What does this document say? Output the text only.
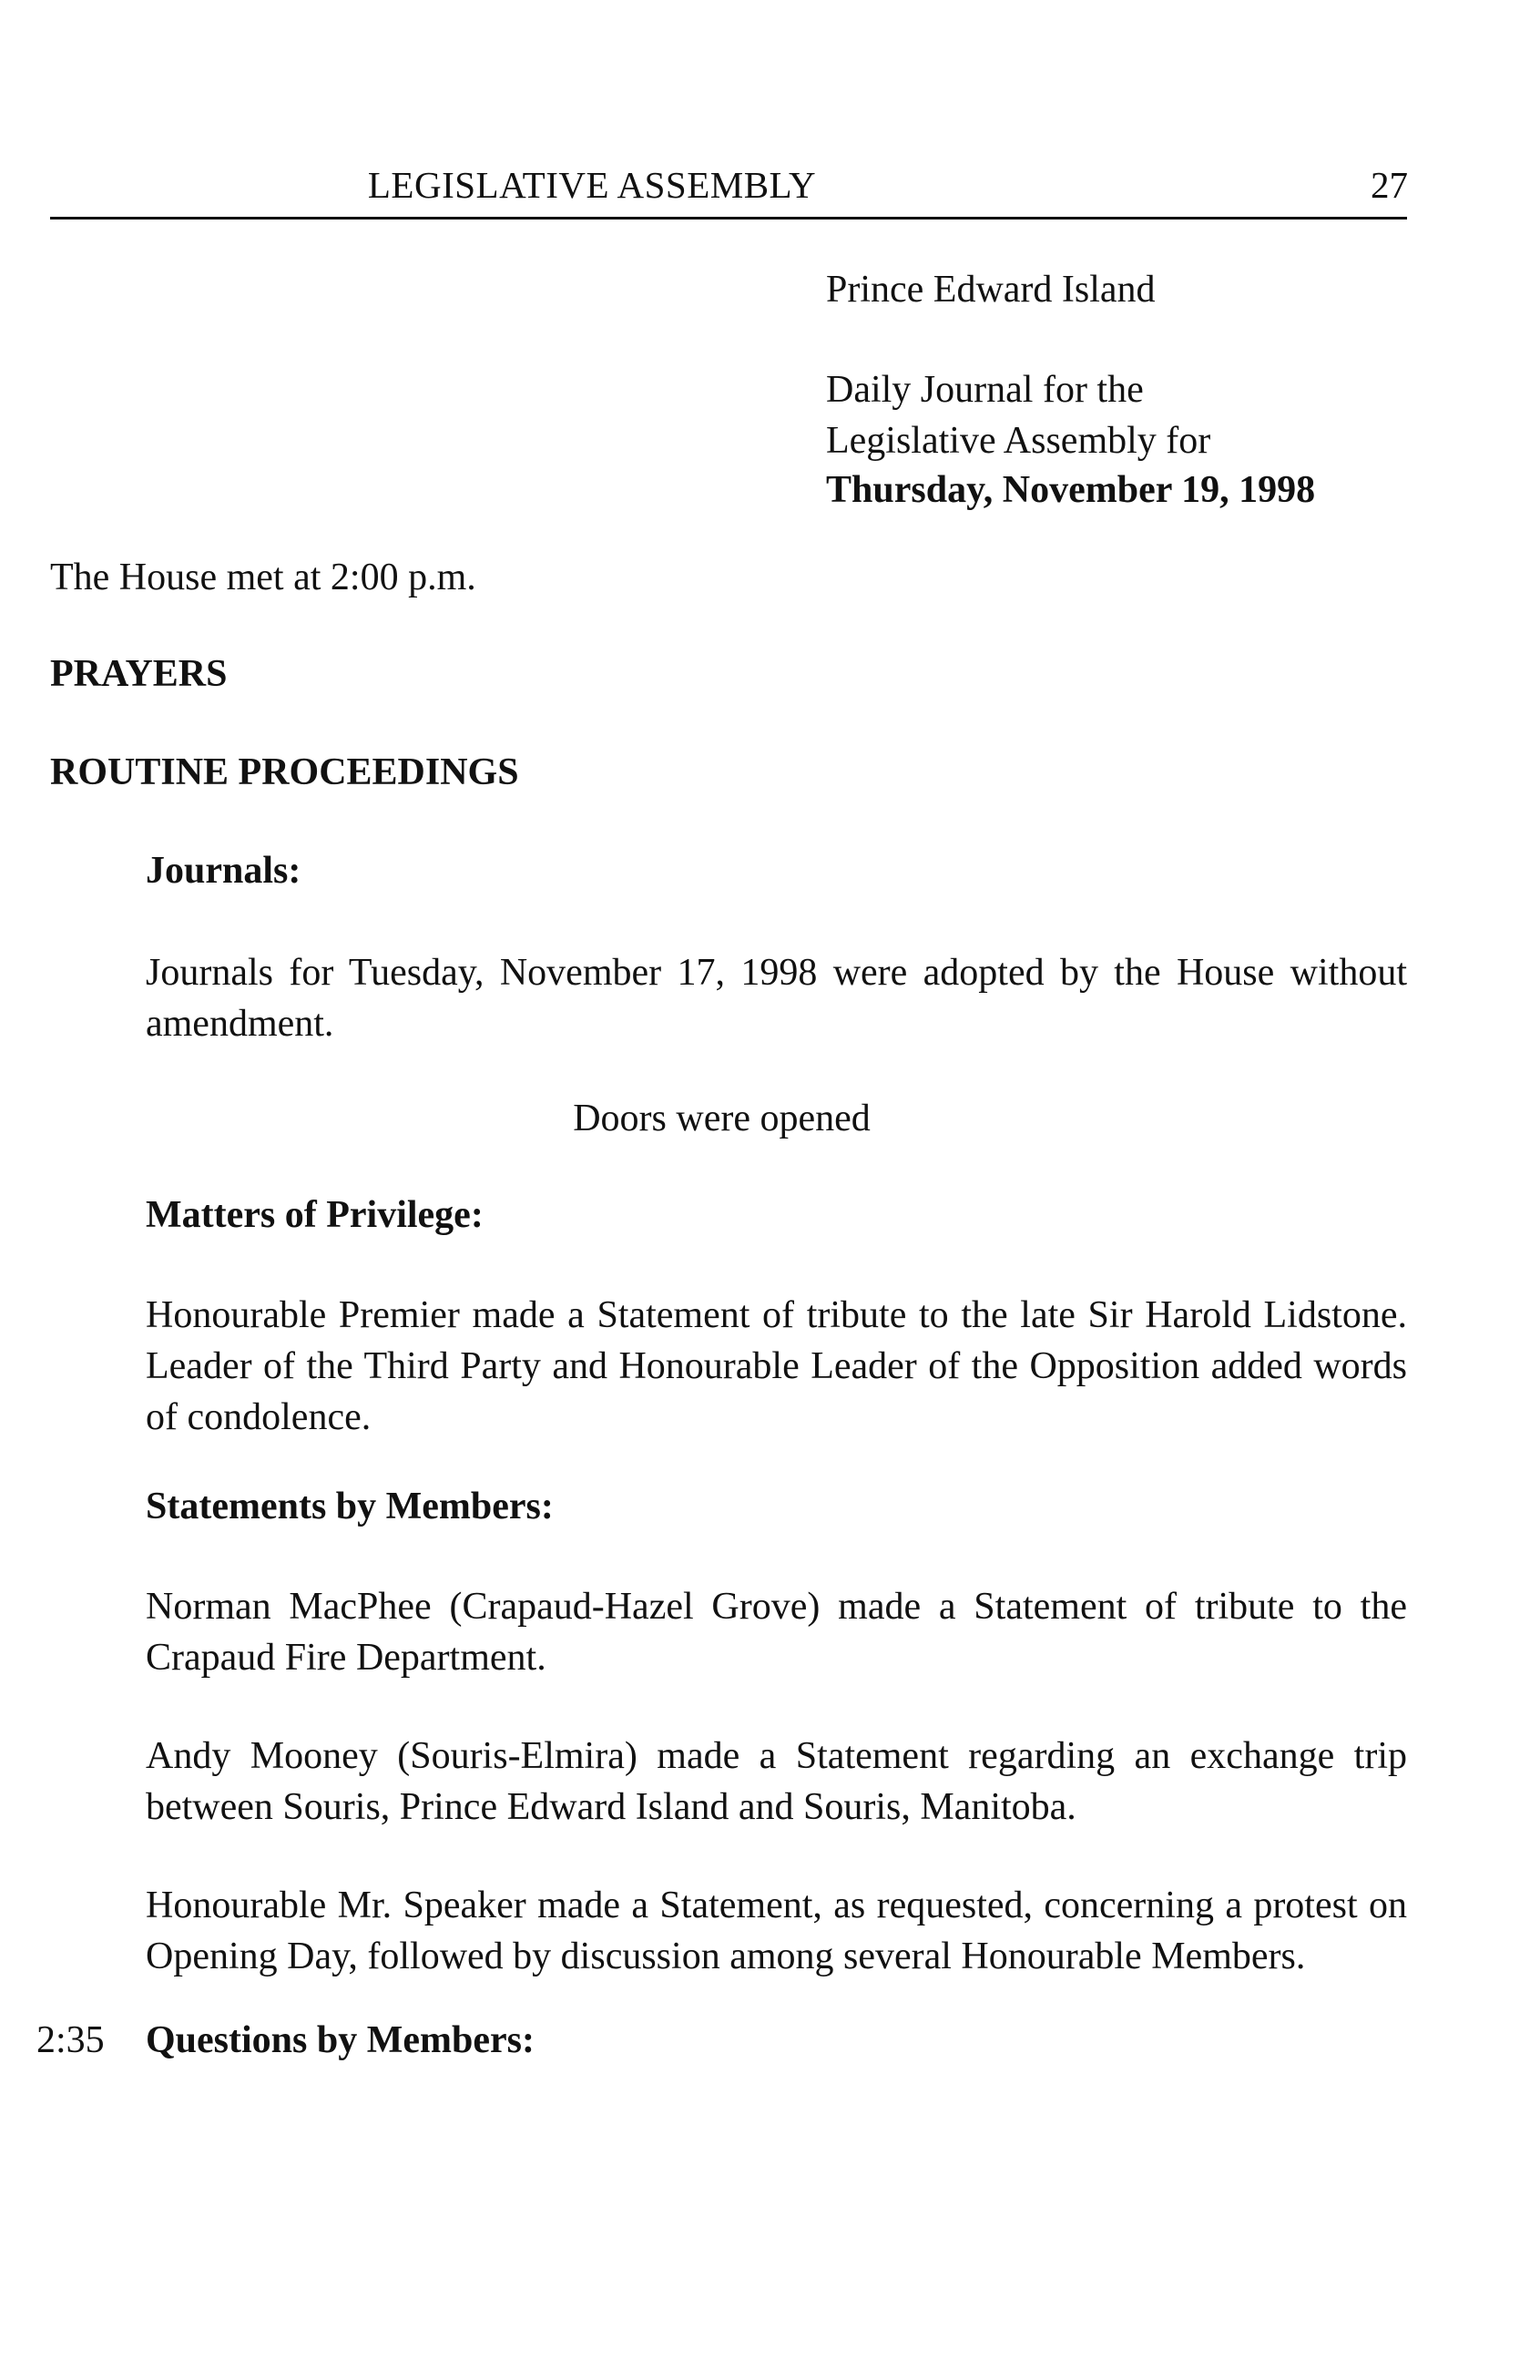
LEGISLATIVE ASSEMBLY	27
Prince Edward Island
Daily Journal for the
Legislative Assembly for
Thursday, November 19, 1998
The House met at 2:00 p.m.
PRAYERS
ROUTINE PROCEEDINGS
Journals:
Journals for Tuesday, November 17, 1998 were adopted by the House without amendment.
Doors were opened
Matters of Privilege:
Honourable Premier made a Statement of tribute to the late Sir Harold Lidstone. Leader of the Third Party and Honourable Leader of the Opposition added words of condolence.
Statements by Members:
Norman MacPhee (Crapaud-Hazel Grove) made a Statement of tribute to the Crapaud Fire Department.
Andy Mooney (Souris-Elmira) made a Statement regarding an exchange trip between Souris, Prince Edward Island and Souris, Manitoba.
Honourable Mr. Speaker made a Statement, as requested, concerning a protest on Opening Day, followed by discussion among several Honourable Members.
2:35 Questions by Members:
